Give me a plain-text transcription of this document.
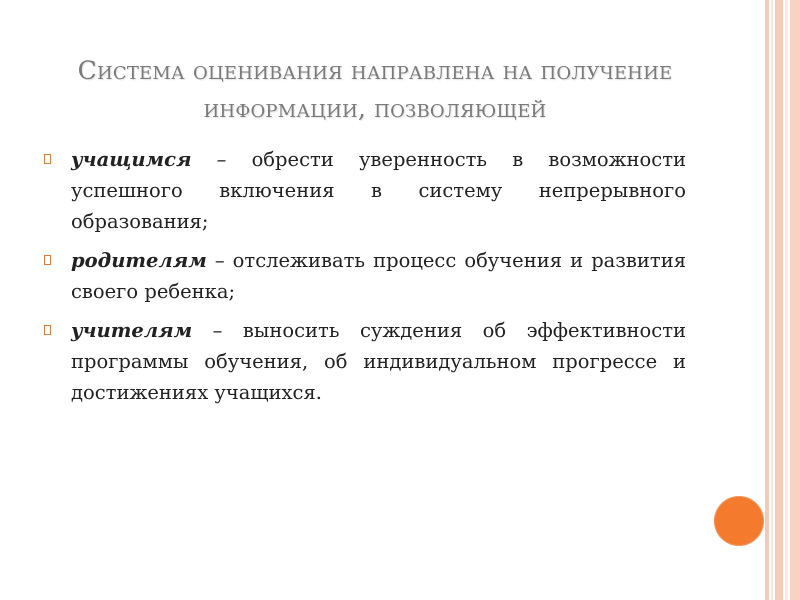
Система оценивания направлена на получение информации, позволяющей
учащимся – обрести уверенность в возможности успешного включения в систему непрерывного образования;
родителям – отслеживать процесс обучения и развития своего ребенка;
учителям – выносить суждения об эффективности программы обучения, об индивидуальном прогрессе и достижениях учащихся.
